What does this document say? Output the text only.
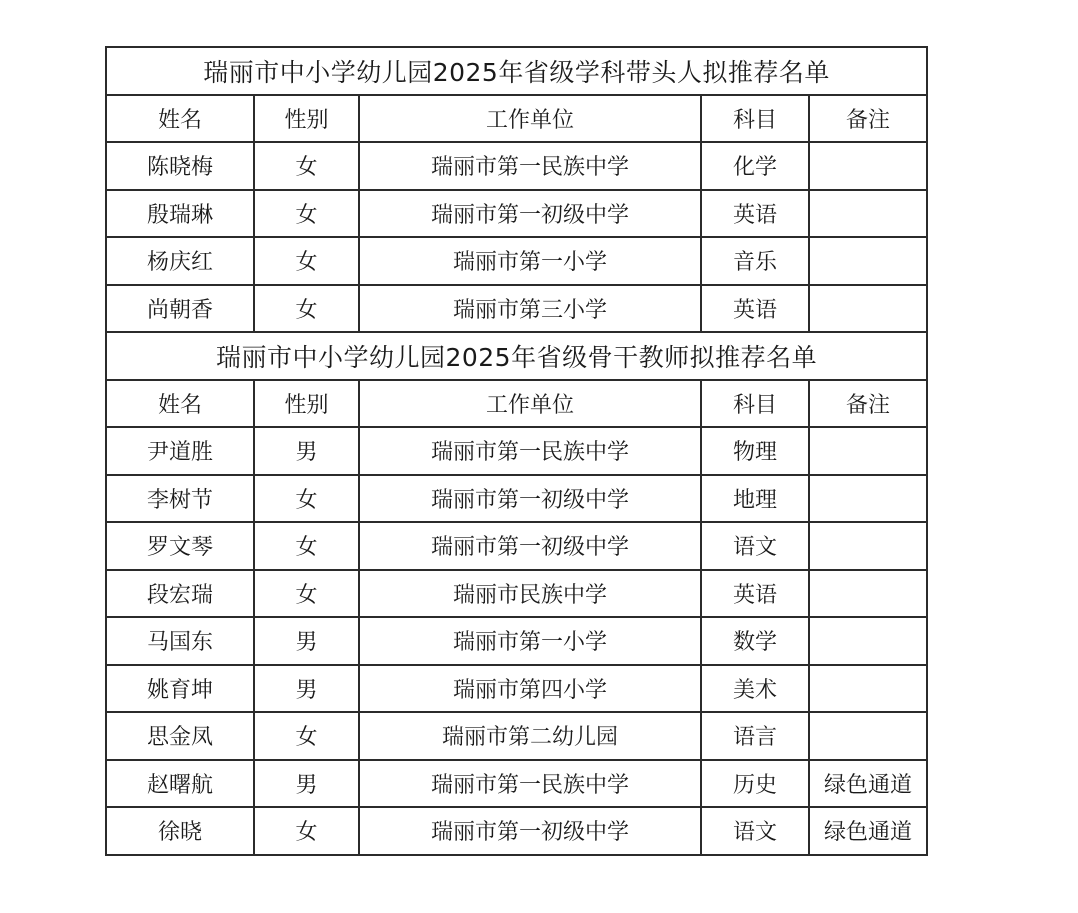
瑞丽市中小学幼儿园2025年省级学科带头人拟推荐名单				
姓名	性别	工作单位	科目	备注
陈晓梅	女	瑞丽市第一民族中学	化学	
殷瑞琳	女	瑞丽市第一初级中学	英语	
杨庆红	女	瑞丽市第一小学	音乐	
尚朝香	女	瑞丽市第三小学	英语	
瑞丽市中小学幼儿园2025年省级骨干教师拟推荐名单				
姓名	性别	工作单位	科目	备注
尹道胜	男	瑞丽市第一民族中学	物理	
李树节	女	瑞丽市第一初级中学	地理	
罗文琴	女	瑞丽市第一初级中学	语文	
段宏瑞	女	瑞丽市民族中学	英语	
马国东	男	瑞丽市第一小学	数学	
姚育坤	男	瑞丽市第四小学	美术	
思金凤	女	瑞丽市第二幼儿园	语言	
赵曙航	男	瑞丽市第一民族中学	历史	绿色通道
徐晓	女	瑞丽市第一初级中学	语文	绿色通道
